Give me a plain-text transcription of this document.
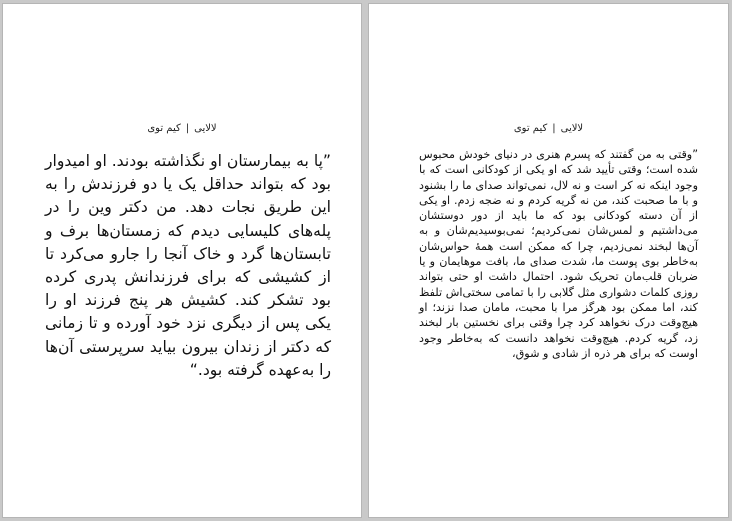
لالایی|کیم توی
”پا به بیمارستان او نگذاشته بودند. او امیدوار بود که بتواند حداقل یک یا دو فرزندش را به این طریق نجات دهد. من دکتر وین را در پله‌های کلیسایی دیدم که زمستان‌ها برف و تابستان‌ها گرد و خاک آنجا را جارو می‌کرد تا از کشیشی که برای فرزندانش پدری کرده بود تشکر کند. کشیش هر پنج فرزند او را یکی پس از دیگری نزد خود آورده و تا زمانی که دکتر از زندان بیرون بیاید سرپرستی آن‌ها را به‌عهده گرفته بود.“
لالایی|کیم توی
”وقتی به من گفتند که پسرم هنری در دنیای خودش محبوس شده است؛ وقتی تأیید شد که او یکی از کودکانی است که با وجود اینکه نه کر است و نه لال، نمی‌تواند صدای ما را بشنود و با ما صحبت کند، من نه گریه کردم و نه ضجه زدم. او یکی از آن دسته کودکانی بود که ما باید از دور دوستشان می‌داشتیم و لمس‌شان نمی‌کردیم؛ نمی‌بوسیدیم‌شان و به آن‌ها لبخند نمی‌زدیم، چرا که ممکن است همهٔ حواس‌شان به‌خاطر بوی پوست ما، شدت صدای ما، بافت موهایمان و یا ضربان قلب‌مان تحریک شود. احتمال داشت او حتی بتواند روزی کلمات دشواری مثل گلابی را با تمامی سختی‌اش تلفظ کند، اما ممکن بود هرگز مرا با محبت، مامان صدا نزند؛ او هیچ‌وقت درک نخواهد کرد چرا وقتی برای نخستین بار لبخند زد، گریه کردم. هیچ‌وقت نخواهد دانست که به‌خاطر وجود اوست که برای هر ذره از شادی و شوق،
